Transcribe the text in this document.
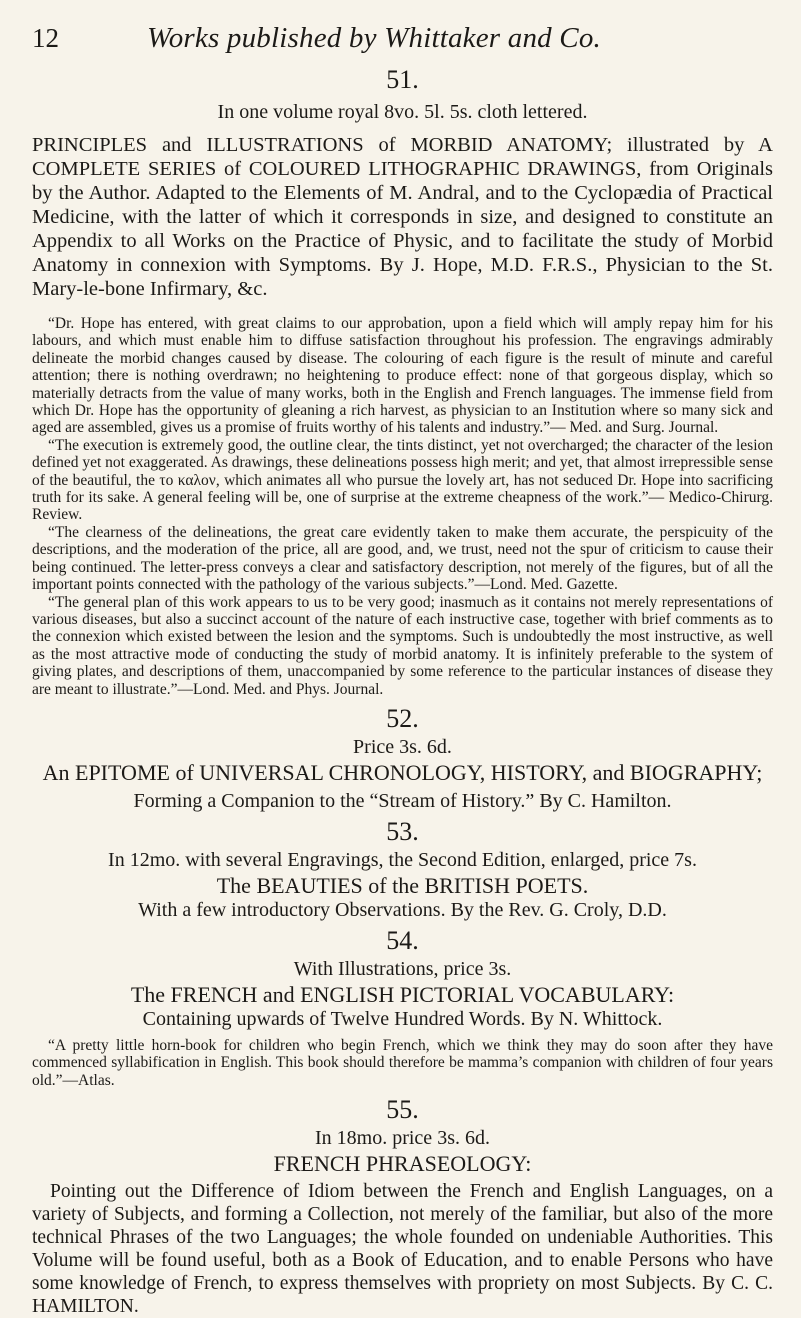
12	Works published by Whittaker and Co.
51.
In one volume royal 8vo. 5l. 5s. cloth lettered.
PRINCIPLES and ILLUSTRATIONS of MORBID ANATOMY; illustrated by A COMPLETE SERIES of COLOURED LITHOGRAPHIC DRAWINGS, from Originals by the Author. Adapted to the Elements of M. Andral, and to the Cyclopædia of Practical Medicine, with the latter of which it corresponds in size, and designed to constitute an Appendix to all Works on the Practice of Physic, and to facilitate the study of Morbid Anatomy in connexion with Symptoms. By J. Hope, M.D. F.R.S., Physician to the St. Mary-le-bone Infirmary, &c.

“Dr. Hope has entered, with great claims to our approbation, upon a field which will amply repay him for his labours, and which must enable him to diffuse satisfaction throughout his profession. The engravings admirably delineate the morbid changes caused by disease. The colouring of each figure is the result of minute and careful attention; there is nothing overdrawn; no heightening to produce effect: none of that gorgeous display, which so materially detracts from the value of many works, both in the English and French languages. The immense field from which Dr. Hope has the opportunity of gleaning a rich harvest, as physician to an Institution where so many sick and aged are assembled, gives us a promise of fruits worthy of his talents and industry.”— Med. and Surg. Journal.

“The execution is extremely good, the outline clear, the tints distinct, yet not overcharged; the character of the lesion defined yet not exaggerated. As drawings, these delineations possess high merit; and yet, that almost irrepressible sense of the beautiful, the το καλον, which animates all who pursue the lovely art, has not seduced Dr. Hope into sacrificing truth for its sake. A general feeling will be, one of surprise at the extreme cheapness of the work.”— Medico-Chirurg. Review.

“The clearness of the delineations, the great care evidently taken to make them accurate, the perspicuity of the descriptions, and the moderation of the price, all are good, and, we trust, need not the spur of criticism to cause their being continued. The letter-press conveys a clear and satisfactory description, not merely of the figures, but of all the important points connected with the pathology of the various subjects.”—Lond. Med. Gazette.

“The general plan of this work appears to us to be very good; inasmuch as it contains not merely representations of various diseases, but also a succinct account of the nature of each instructive case, together with brief comments as to the connexion which existed between the lesion and the symptoms. Such is undoubtedly the most instructive, as well as the most attractive mode of conducting the study of morbid anatomy. It is infinitely preferable to the system of giving plates, and descriptions of them, unaccompanied by some reference to the particular instances of disease they are meant to illustrate.”—Lond. Med. and Phys. Journal.

52.
Price 3s. 6d.
An EPITOME of UNIVERSAL CHRONOLOGY, HISTORY, and BIOGRAPHY;
Forming a Companion to the “Stream of History.” By C. Hamilton.
53.
In 12mo. with several Engravings, the Second Edition, enlarged, price 7s.
The BEAUTIES of the BRITISH POETS.
With a few introductory Observations. By the Rev. G. Croly, D.D.
54.
With Illustrations, price 3s.
The FRENCH and ENGLISH PICTORIAL VOCABULARY:
Containing upwards of Twelve Hundred Words. By N. Whittock.

“A pretty little horn-book for children who begin French, which we think they may do soon after they have commenced syllabification in English. This book should therefore be mamma’s companion with children of four years old.”—Atlas.

55.
In 18mo. price 3s. 6d.
FRENCH PHRASEOLOGY:
Pointing out the Difference of Idiom between the French and English Languages, on a variety of Subjects, and forming a Collection, not merely of the familiar, but also of the more technical Phrases of the two Languages; the whole founded on undeniable Authorities. This Volume will be found useful, both as a Book of Education, and to enable Persons who have some knowledge of French, to express themselves with propriety on most Subjects. By C. C. HAMILTON.
